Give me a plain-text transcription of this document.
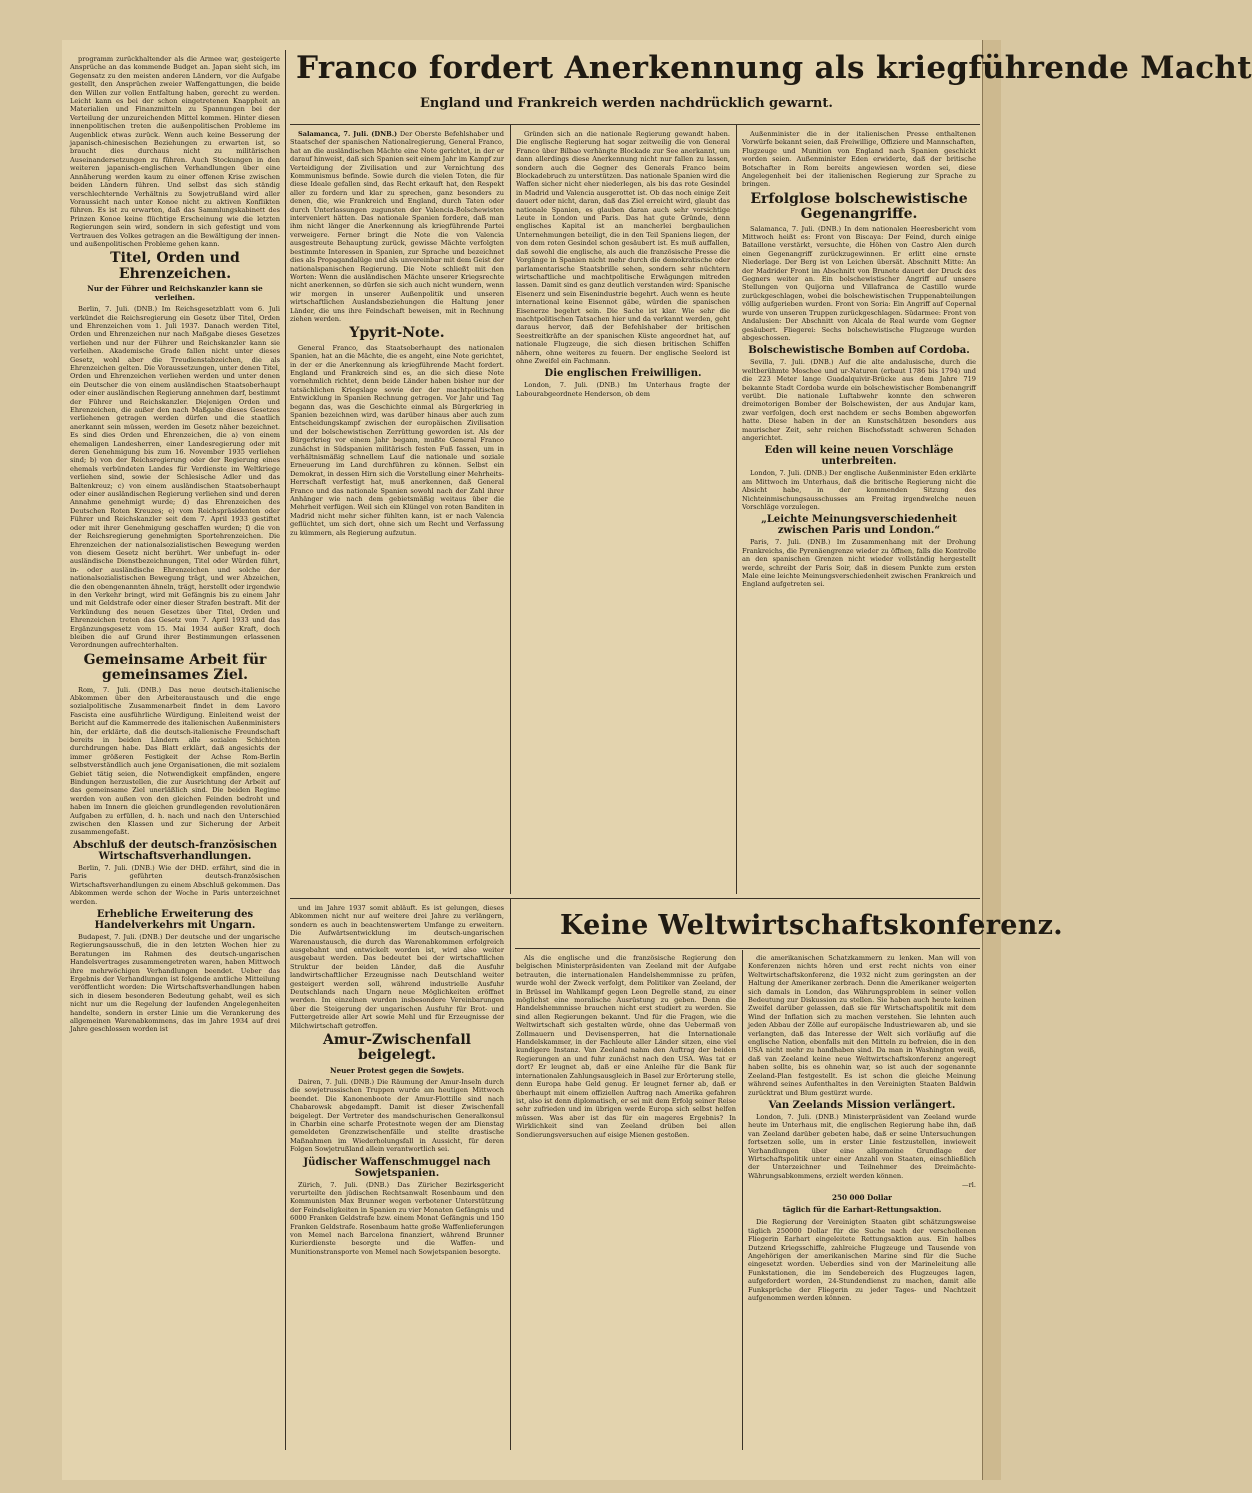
Franco fordert Anerkennung als kriegführende Macht
England und Frankreich werden nachdrücklich gewarnt.

programm zurückhaltender als die Armee war, gesteigerte Ansprüche an das kommende Budget an. Japan sieht sich, im Gegensatz zu den meisten anderen Ländern, vor die Aufgabe gestellt, den Ansprüchen zweier Waffengattungen, die beide den Willen zur vollen Entfaltung haben, gerecht zu werden. Leicht kann es bei der schon eingetretenen Knappheit an Materialien und Finanzmitteln zu Spannungen bei der Verteilung der unzureichenden Mittel kommen. Hinter diesen innenpolitischen treten die außenpolitischen Probleme im Augenblick etwas zurück. Wenn auch keine Besserung der japanisch-chinesischen Beziehungen zu erwarten ist, so braucht dies durchaus nicht zu militärischen Auseinandersetzungen zu führen. Auch Stockungen in den weiteren japanisch-englischen Verhandlungen über eine Annäherung werden kaum zu einer offenen Krise zwischen beiden Ländern führen. Und selbst das sich ständig verschlechternde Verhältnis zu Sowjetrußland wird aller Voraussicht nach unter Konoe nicht zu aktiven Konflikten führen. Es ist zu erwarten, daß das Sammlungskabinett des Prinzen Konoe keine flüchtige Erscheinung wie die letzten Regierungen sein wird, sondern in sich gefestigt und vom Vertrauen des Volkes getragen an die Bewältigung der innen- und außenpolitischen Probleme gehen kann.

Titel, Orden und Ehrenzeichen.
Nur der Führer und Reichskanzler kann sie verleihen.

Berlin, 7. Juli. (DNB.) Im Reichsgesetzblatt vom 6. Juli verkündet die Reichsregierung ein Gesetz über Titel, Orden und Ehrenzeichen vom 1. Juli 1937. Danach werden Titel, Orden und Ehrenzeichen nur nach Maßgabe dieses Gesetzes verliehen und nur der Führer und Reichskanzler kann sie verleihen. Akademische Grade fallen nicht unter dieses Gesetz, wohl aber die Treudienstabzeichen, die als Ehrenzeichen gelten. Die Voraussetzungen, unter denen Titel, Orden und Ehrenzeichen verliehen werden und unter denen ein Deutscher die von einem ausländischen Staatsoberhaupt oder einer ausländischen Regierung annehmen darf, bestimmt der Führer und Reichskanzler. Diejenigen Orden und Ehrenzeichen, die außer den nach Maßgabe dieses Gesetzes verliehenen getragen werden dürfen und die staatlich anerkannt sein müssen, werden im Gesetz näher bezeichnet. Es sind dies Orden und Ehrenzeichen, die a) von einem ehemaligen Landesherren, einer Landesregierung oder mit deren Genehmigung bis zum 16. November 1935 verliehen sind; b) von der Reichsregierung oder der Regierung eines ehemals verbündeten Landes für Verdienste im Weltkriege verliehen sind, sowie der Schlesische Adler und das Baltenkreuz; c) von einem ausländischen Staatsoberhaupt oder einer ausländischen Regierung verliehen sind und deren Annahme genehmigt wurde; d) das Ehrenzeichen des Deutschen Roten Kreuzes; e) vom Reichspräsidenten oder Führer und Reichskanzler seit dem 7. April 1933 gestiftet oder mit ihrer Genehmigung geschaffen wurden; f) die von der Reichsregierung genehmigten Sportehrenzeichen. Die Ehrenzeichen der nationalsozialistischen Bewegung werden von diesem Gesetz nicht berührt. Wer unbefugt in- oder ausländische Dienstbezeichnungen, Titel oder Würden führt, in- oder ausländische Ehrenzeichen und solche der nationalsozialistischen Bewegung trägt, und wer Abzeichen, die den obengenannten ähneln, trägt, herstellt oder irgendwie in den Verkehr bringt, wird mit Gefängnis bis zu einem Jahr und mit Geldstrafe oder einer dieser Strafen bestraft. Mit der Verkündung des neuen Gesetzes über Titel, Orden und Ehrenzeichen treten das Gesetz vom 7. April 1933 und das Ergänzungsgesetz vom 15. Mai 1934 außer Kraft, doch bleiben die auf Grund ihrer Bestimmungen erlassenen Verordnungen aufrechterhalten.

Gemeinsame Arbeit für gemeinsames Ziel.

Rom, 7. Juli. (DNB.) Das neue deutsch-italienische Abkommen über den Arbeiteraustausch und die enge sozialpolitische Zusammenarbeit findet in dem Lavoro Fascista eine ausführliche Würdigung. Einleitend weist der Bericht auf die Kammerrede des italienischen Außenministers hin, der erklärte, daß die deutsch-italienische Freundschaft bereits in beiden Ländern alle sozialen Schichten durchdrungen habe. Das Blatt erklärt, daß angesichts der immer größeren Festigkeit der Achse Rom-Berlin selbstverständlich auch jene Organisationen, die mit sozialem Gebiet tätig seien, die Notwendigkeit empfänden, engere Bindungen herzustellen, die zur Ausrichtung der Arbeit auf das gemeinsame Ziel unerläßlich sind. Die beiden Regime werden von außen von den gleichen Feinden bedroht und haben im Innern die gleichen grundlegenden revolutionären Aufgaben zu erfüllen, d. h. nach und nach den Unterschied zwischen den Klassen und zur Sicherung der Arbeit zusammengefaßt.

Abschluß der deutsch-französischen Wirtschaftsverhandlungen.

Berlin, 7. Juli. (DNB.) Wie der DHD. erfährt, sind die in Paris geführten deutsch-französischen Wirtschaftsverhandlungen zu einem Abschluß gekommen. Das Abkommen werde schon der Woche in Paris unterzeichnet werden.

Erhebliche Erweiterung des Handelverkehrs mit Ungarn.

Budapest, 7. Juli. (DNB.) Der deutsche und der ungarische Regierungsausschuß, die in den letzten Wochen hier zu Beratungen im Rahmen des deutsch-ungarischen Handelsvertrages zusammengetreten waren, haben Mittwoch ihre mehrwöchigen Verhandlungen beendet. Ueber das Ergebnis der Verhandlungen ist folgende amtliche Mitteilung veröffentlicht worden: Die Wirtschaftsverhandlungen haben sich in diesem besonderen Bedeutung gehabt, weil es sich nicht nur um die Regelung der laufenden Angelegenheiten handelte, sondern in erster Linie um die Verankerung des allgemeinen Warenabkommens, das im Jahre 1934 auf drei Jahre geschlossen worden ist

Salamanca, 7. Juli. (DNB.) Der Oberste Befehlshaber und Staatschef der spanischen Nationalregierung, General Franco, hat an die ausländischen Mächte eine Note gerichtet, in der er darauf hinweist, daß sich Spanien seit einem Jahr im Kampf zur Verteidigung der Zivilisation und zur Vernichtung des Kommunismus befinde. Sowie durch die vielen Toten, die für diese Ideale gefallen sind, das Recht erkauft hat, den Respekt aller zu fordern und klar zu sprechen, ganz besonders zu denen, die, wie Frankreich und England, durch Taten oder durch Unterlassungen zugunsten der Valencia-Bolschewisten interveniert hätten. Das nationale Spanien fordere, daß man ihm nicht länger die Anerkennung als kriegführende Partei verweigere. Ferner bringt die Note die von Valencia ausgestreute Behauptung zurück, gewisse Mächte verfolgten bestimmte Interessen in Spanien, zur Sprache und bezeichnet dies als Propagandalüge und als unvereinbar mit dem Geist der nationalspanischen Regierung. Die Note schließt mit den Worten: Wenn die ausländischen Mächte unserer Kriegsrechte nicht anerkennen, so dürfen sie sich auch nicht wundern, wenn wir morgen in unserer Außenpolitik und unseren wirtschaftlichen Auslandsbeziehungen die Haltung jener Länder, die uns ihre Feindschaft beweisen, mit in Rechnung ziehen werden.

Ypyrit-Note.

General Franco, das Staatsoberhaupt des nationalen Spanien, hat an die Mächte, die es angeht, eine Note gerichtet, in der er die Anerkennung als kriegführende Macht fordert. England und Frankreich sind es, an die sich diese Note vornehmlich richtet, denn beide Länder haben bisher nur der tatsächlichen Kriegslage sowie der der machtpolitischen Entwicklung in Spanien Rechnung getragen. Vor Jahr und Tag begann das, was die Geschichte einmal als Bürgerkrieg in Spanien bezeichnen wird, was darüber hinaus aber auch zum Entscheidungskampf zwischen der europäischen Zivilisation und der bolschewistischen Zerrüttung geworden ist. Als der Bürgerkrieg vor einem Jahr begann, mußte General Franco zunächst in Südspanien militärisch festen Fuß fassen, um in verhältnismäßig schnellem Lauf die nationale und soziale Erneuerung im Land durchführen zu können. Selbst ein Demokrat, in dessen Hirn sich die Vorstellung einer Mehrheits-Herrschaft verfestigt hat, muß anerkennen, daß General Franco und das nationale Spanien sowohl nach der Zahl ihrer Anhänger wie nach dem gebietsmäßig weitaus über die Mehrheit verfügen. Weil sich ein Klüngel von roten Banditen in Madrid nicht mehr sicher fühlten kann, ist er nach Valencia geflüchtet, um sich dort, ohne sich um Recht und Verfassung zu kümmern, als Regierung aufzutun.

Gründen sich an die nationale Regierung gewandt haben. Die englische Regierung hat sogar zeitweilig die von General Franco über Bilbao verhängte Blockade zur See anerkannt, um dann allerdings diese Anerkennung nicht nur fallen zu lassen, sondern auch die Gegner des Generals Franco beim Blockadebruch zu unterstützen. Das nationale Spanien wird die Waffen sicher nicht eher niederlegen, als bis das rote Gesindel in Madrid und Valencia ausgerottet ist. Ob das noch einige Zeit dauert oder nicht, daran, daß das Ziel erreicht wird, glaubt das nationale Spanien, es glauben daran auch sehr vorsichtige Leute in London und Paris. Das hat gute Gründe, denn englisches Kapital ist an mancherlei bergbaulichen Unternehmungen beteiligt, die in den Teil Spaniens liegen, der von dem roten Gesindel schon gesäubert ist. Es muß auffallen, daß sowohl die englische, als auch die französische Presse die Vorgänge in Spanien nicht mehr durch die demokratische oder parlamentarische Staatsbrille sehen, sondern sehr nüchtern wirtschaftliche und machtpolitische Erwägungen mitreden lassen. Damit sind es ganz deutlich verstanden wird: Spanische Eisenerz und sein Eisenindustrie begehrt. Auch wenn es heute international keine Eisennot gäbe, würden die spanischen Eisenerze begehrt sein. Die Sache ist klar. Wie sehr die machtpolitischen Tatsachen hier und da verkannt werden, geht daraus hervor, daß der Befehlshaber der britischen Seestreitkräfte an der spanischen Küste angeordnet hat, auf nationale Flugzeuge, die sich diesen britischen Schiffen nähern, ohne weiteres zu feuern. Der englische Seelord ist ohne Zweifel ein Fachmann.

Die englischen Freiwilligen.

London, 7. Juli. (DNB.) Im Unterhaus fragte der Labourabgeordnete Henderson, ob dem

Außenminister die in der italienischen Presse enthaltenen Vorwürfe bekannt seien, daß Freiwillige, Offiziere und Mannschaften, Flugzeuge und Munition von England nach Spanien geschickt worden seien. Außenminister Eden erwiderte, daß der britische Botschafter in Rom bereits angewiesen worden sei, diese Angelegenheit bei der italienischen Regierung zur Sprache zu bringen.

Erfolglose bolschewistische Gegenangriffe.

Salamanca, 7. Juli. (DNB.) In dem nationalen Heeresbericht vom Mittwoch heißt es: Front von Biscaya: Der Feind, durch einige Bataillone verstärkt, versuchte, die Höhen von Castro Alen durch einen Gegenangriff zurückzugewinnen. Er erlitt eine ernste Niederlage. Der Berg ist von Leichen übersät. Abschnitt Mitte: An der Madrider Front im Abschnitt von Brunete dauert der Druck des Gegners weiter an. Ein bolschewistischer Angriff auf unsere Stellungen von Quijorna und Villafranca de Castillo wurde zurückgeschlagen, wobei die bolschewistischen Truppenabteilungen völlig aufgerieben wurden. Front von Soria: Ein Angriff auf Copernal wurde von unseren Truppen zurückgeschlagen. Südarmee: Front von Andalusien: Der Abschnitt von Alcala de Real wurde vom Gegner gesäubert. Fliegerei: Sechs bolschewistische Flugzeuge wurden abgeschossen.

Bolschewistische Bomben auf Cordoba.

Sevilla, 7. Juli. (DNB.) Auf die alte andalusische, durch die weltberühmte Moschee und ur-Naturen (erbaut 1786 bis 1794) und die 223 Meter lange Guadalquivir-Brücke aus dem Jahre 719 bekannte Stadt Cordoba wurde ein bolschewistischer Bombenangriff verübt. Die nationale Luftabwehr konnte den schweren dreimotorigen Bomber der Bolschewisten, der aus Andujar kam, zwar verfolgen, doch erst nachdem er sechs Bomben abgeworfen hatte. Diese haben in der an Kunstschätzen besonders aus maurischer Zeit, sehr reichen Bischofsstadt schweren Schaden angerichtet.

Eden will keine neuen Vorschläge unterbreiten.

London, 7. Juli. (DNB.) Der englische Außenminister Eden erklärte am Mittwoch im Unterhaus, daß die britische Regierung nicht die Absicht habe, in der kommenden Sitzung des Nichteinmischungsausschusses am Freitag irgendwelche neuen Vorschläge vorzulegen.

„Leichte Meinungsverschiedenheit zwischen Paris und London.“

Paris, 7. Juli. (DNB.) Im Zusammenhang mit der Drohung Frankreichs, die Pyrenäengrenze wieder zu öffnen, falls die Kontrolle an den spanischen Grenzen nicht wieder vollständig hergestellt werde, schreibt der Paris Soir, daß in diesem Punkte zum ersten Male eine leichte Meinungsverschiedenheit zwischen Frankreich und England aufgetreten sei.

und im Jahre 1937 somit abläuft. Es ist gelungen, dieses Abkommen nicht nur auf weitere drei Jahre zu verlängern, sondern es auch in beachtenswertem Umfange zu erweitern. Die Aufwärtsentwicklung im deutsch-ungarischen Warenaustausch, die durch das Warenabkommen erfolgreich ausgebahnt und entwickelt worden ist, wird also weiter ausgebaut werden. Das bedeutet bei der wirtschaftlichen Struktur der beiden Länder, daß die Ausfuhr landwirtschaftlicher Erzeugnisse nach Deutschland weiter gesteigert werden soll, während industrielle Ausfuhr Deutschlands nach Ungarn neue Möglichkeiten eröffnet werden. Im einzelnen wurden insbesondere Vereinbarungen über die Steigerung der ungarischen Ausfuhr für Brot- und Futtergetreide aller Art sowie Mehl und für Erzeugnisse der Milchwirtschaft getroffen.

Amur-Zwischenfall beigelegt.
Neuer Protest gegen die Sowjets.

Dairen, 7. Juli. (DNB.) Die Räumung der Amur-Inseln durch die sowjetrussischen Truppen wurde am heutigen Mittwoch beendet. Die Kanonenboote der Amur-Flottille sind nach Chabarowsk abgedampft. Damit ist dieser Zwischenfall beigelegt. Der Vertreter des mandschurischen Generalkonsul in Charbin eine scharfe Protestnote wegen der am Dienstag gemeldeten Grenzzwischenfälle und stellte drastische Maßnahmen im Wiederholungsfall in Aussicht, für deren Folgen Sowjetrußland allein verantwortlich sei.

Jüdischer Waffenschmuggel nach Sowjetspanien.

Zürich, 7. Juli. (DNB.) Das Züricher Bezirksgericht verurteilte den jüdischen Rechtsanwalt Rosenbaum und den Kommunisten Max Brunner wegen verbotener Unterstützung der Feindseligkeiten in Spanien zu vier Monaten Gefängnis und 6000 Franken Geldstrafe bzw. einem Monat Gefängnis und 150 Franken Geldstrafe. Rosenbaum hatte große Waffenlieferungen von Memel nach Barcelona finanziert, während Brunner Kurierdienste besorgte und die Waffen- und Munitionstransporte von Memel nach Sowjetspanien besorgte.

Keine Weltwirtschaftskonferenz.

Als die englische und die französische Regierung den belgischen Ministerpräsidenten van Zeeland mit der Aufgabe betrauten, die internationalen Handelshemmnisse zu prüfen, wurde wohl der Zweck verfolgt, dem Politiker van Zeeland, der in Brüssel im Wahlkampf gegen Leon Degrelle stand, zu einer möglichst eine moralische Ausrüstung zu geben. Denn die Handelshemmnisse brauchen nicht erst studiert zu werden. Sie sind allen Regierungen bekannt. Und für die Fragen, wie die Weltwirtschaft sich gestalten würde, ohne das Uebermaß von Zollmauern und Devisensperren, hat die Internationale Handelskammer, in der Fachleute aller Länder sitzen, eine viel kundigere Instanz. Van Zeeland nahm den Auftrag der beiden Regierungen an und fuhr zunächst nach den USA. Was tat er dort? Er leugnet ab, daß er eine Anleihe für die Bank für internationalen Zahlungsausgleich in Basel zur Erörterung stelle, denn Europa habe Geld genug. Er leugnet ferner ab, daß er überhaupt mit einem offiziellen Auftrag nach Amerika gefahren ist, also ist denn diplomatisch, er sei mit dem Erfolg seiner Reise sehr zufrieden und im übrigen werde Europa sich selbst helfen müssen. Was aber ist das für ein mageres Ergebnis? In Wirklichkeit sind van Zeeland drüben bei allen Sondierungsversuchen auf eisige Mienen gestoßen.

die amerikanischen Schatzkammern zu lenken. Man will von Konferenzen nichts hören und erst recht nichts von einer Weltwirtschaftskonferenz, die 1932 nicht zum geringsten an der Haltung der Amerikaner zerbrach. Denn die Amerikaner weigerten sich damals in London, das Währungsproblem in seiner vollen Bedeutung zur Diskussion zu stellen. Sie haben auch heute keinen Zweifel darüber gelassen, daß sie für Wirtschaftspolitik mit dem Wind der Inflation sich zu machen verstehen. Sie lehnten auch jeden Abbau der Zölle auf europäische Industriewaren ab, und sie verlangten, daß das Interesse der Welt sich vorläufig auf die englische Nation, ebenfalls mit den Mitteln zu befreien, die in den USA nicht mehr zu handhaben sind. Da man in Washington weiß, daß van Zeeland keine neue Weltwirtschaftskonferenz angeregt haben sollte, bis es ohnehin war, so ist auch der sogenannte Zeeland-Plan festgestellt. Es ist schon die gleiche Meinung während seines Aufenthaltes in den Vereinigten Staaten Baldwin zurücktrat und Blum gestürzt wurde.

Van Zeelands Mission verlängert.

London, 7. Juli. (DNB.) Ministerpräsident van Zeeland wurde heute im Unterhaus mit, die englischen Regierung habe ihn, daß van Zeeland darüber gebeten habe, daß er seine Untersuchungen fortsetzen solle, um in erster Linie festzustellen, inwieweit Verhandlungen über eine allgemeine Grundlage der Wirtschaftspolitik unter einer Anzahl von Staaten, einschließlich der Unterzeichner und Teilnehmer des Dreimächte-Währungsabkommens, erzielt werden können.

—rl.
250 000 Dollar
täglich für die Earhart-Rettungsaktion.

Die Regierung der Vereinigten Staaten gibt schätzungsweise täglich 250000 Dollar für die Suche nach der verschollenen Fliegerin Earhart eingeleitete Rettungsaktion aus. Ein halbes Dutzend Kriegsschiffe, zahlreiche Flugzeuge und Tausende von Angehörigen der amerikanischen Marine sind für die Suche eingesetzt worden. Ueberdies sind von der Marineleitung alle Funkstationen, die im Sendebereich des Flugzeuges lagen, aufgefordert worden, 24-Stundendienst zu machen, damit alle Funksprüche der Fliegerin zu jeder Tages- und Nachtzeit aufgenommen werden können.
